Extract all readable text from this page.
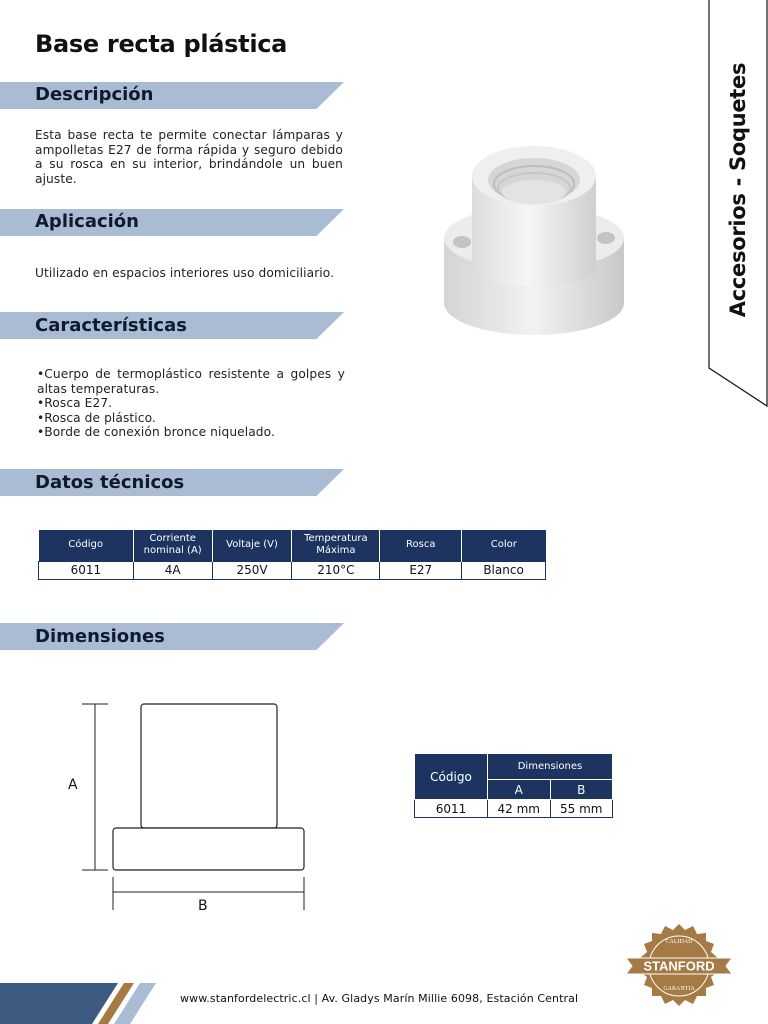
Base recta plástica
Accesorios - Soquetes
Descripción
Esta base recta te permite conectar lámparas y ampolletas E27 de forma rápida y seguro debido a su rosca en su interior, brindándole un buen ajuste.
Aplicación
Utilizado en espacios interiores uso domiciliario.
Características
•Cuerpo de termoplástico resistente a golpes y altas temperaturas.
•Rosca E27.
•Rosca de plástico.
•Borde de conexión bronce niquelado.
Datos técnicos
Código	Corriente nominal (A)	Voltaje (V)	Temperatura Máxima	Rosca	Color
6011	4A	250V	210°C	E27	Blanco
Dimensiones
A
B
Código	Dimensiones	
	A	B
6011	42 mm	55 mm
www.stanfordelectric.cl | Av. Gladys Marín Millie 6098, Estación Central
STANFORD
CALIDAD
GARANTIA
